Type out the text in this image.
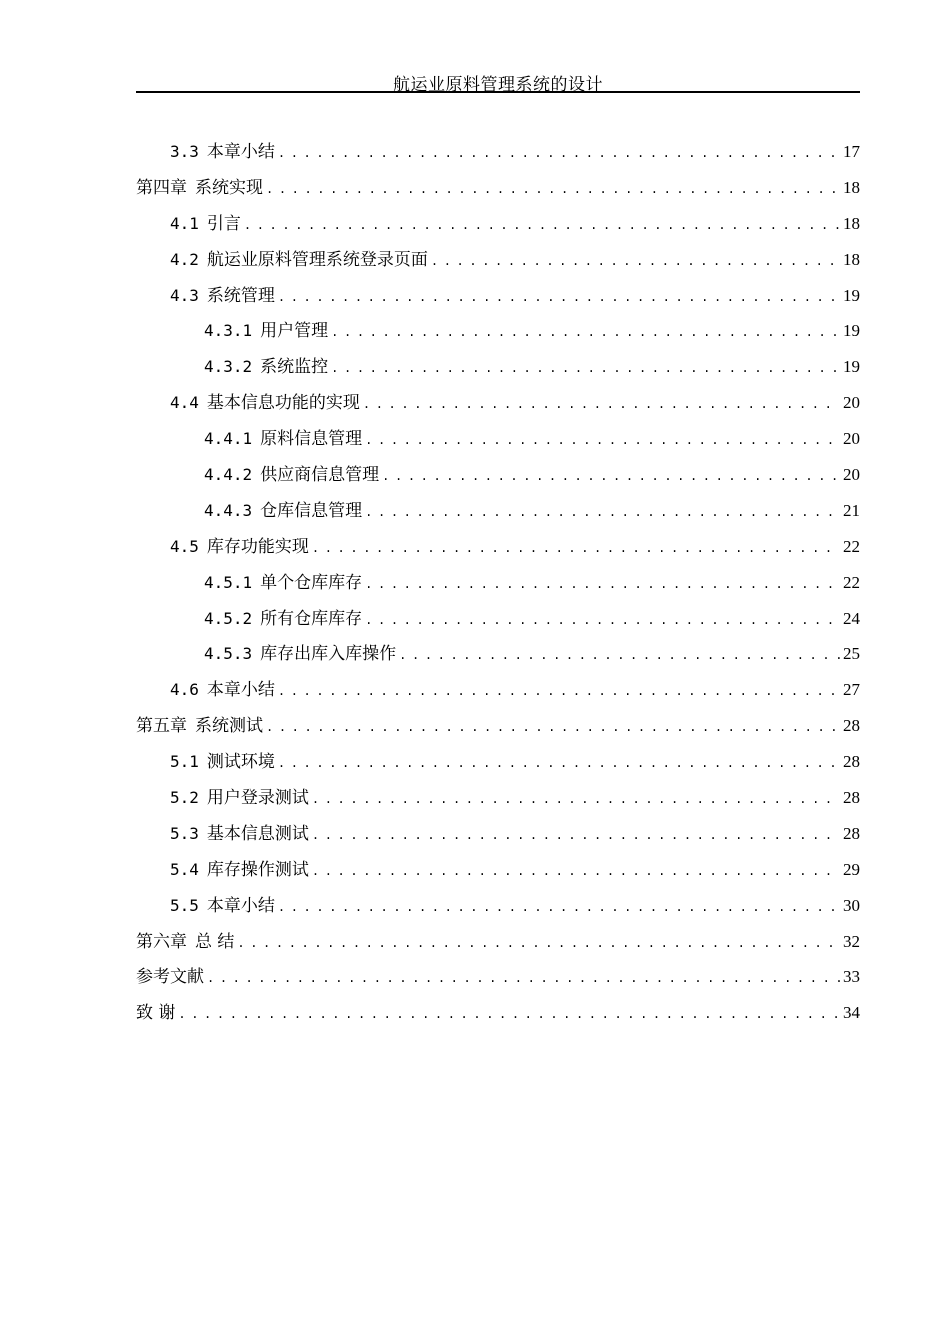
航运业原料管理系统的设计
3.3 本章小结 .....	17
第四章 系统实现 .....	18
4.1 引言 .....	18
4.2 航运业原料管理系统登录页面 .....	18
4.3 系统管理 .....	19
4.3.1 用户管理 .....	19
4.3.2 系统监控 .....	19
4.4 基本信息功能的实现 .....	20
4.4.1 原料信息管理 .....	20
4.4.2 供应商信息管理 .....	20
4.4.3 仓库信息管理 .....	21
4.5 库存功能实现 .....	22
4.5.1 单个仓库库存 .....	22
4.5.2 所有仓库库存 .....	24
4.5.3 库存出库入库操作 .....	25
4.6 本章小结 .....	27
第五章 系统测试 .....	28
5.1 测试环境 .....	28
5.2 用户登录测试 .....	28
5.3 基本信息测试 .....	28
5.4 库存操作测试 .....	29
5.5 本章小结 .....	30
第六章 总 结 .....	32
参考文献 .....	33
致 谢 .....	34
